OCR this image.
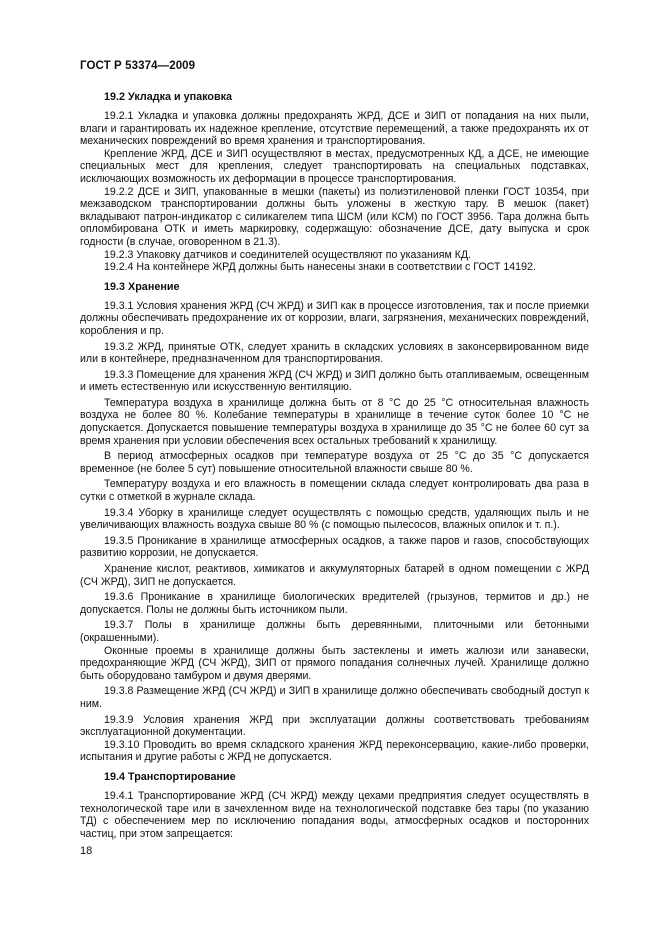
ГОСТ Р 53374—2009
19.2 Укладка и упаковка

19.2.1 Укладка и упаковка должны предохранять ЖРД, ДСЕ и ЗИП от попадания на них пыли, влаги и гарантировать их надежное крепление, отсутствие перемещений, а также предохранять их от механических повреждений во время хранения и транспортирования.

Крепление ЖРД, ДСЕ и ЗИП осуществляют в местах, предусмотренных КД, а ДСЕ, не имеющие специальных мест для крепления, следует транспортировать на специальных подставках, исключающих возможность их деформации в процессе транспортирования.

19.2.2 ДСЕ и ЗИП, упакованные в мешки (пакеты) из полиэтиленовой пленки ГОСТ 10354, при межзаводском транспортировании должны быть уложены в жесткую тару. В мешок (пакет) вкладывают патрон-индикатор с силикагелем типа ШСМ (или КСМ) по ГОСТ 3956. Тара должна быть опломбирована ОТК и иметь маркировку, содержащую: обозначение ДСЕ, дату выпуска и срок годности (в случае, оговоренном в 21.3).

19.2.3 Упаковку датчиков и соединителей осуществляют по указаниям КД.

19.2.4 На контейнере ЖРД должны быть нанесены знаки в соответствии с ГОСТ 14192.

19.3 Хранение

19.3.1 Условия хранения ЖРД (СЧ ЖРД) и ЗИП как в процессе изготовления, так и после приемки должны обеспечивать предохранение их от коррозии, влаги, загрязнения, механических повреждений, коробления и пр.

19.3.2 ЖРД, принятые ОТК, следует хранить в складских условиях в законсервированном виде или в контейнере, предназначенном для транспортирования.

19.3.3 Помещение для хранения ЖРД (СЧ ЖРД) и ЗИП должно быть отапливаемым, освещенным и иметь естественную или искусственную вентиляцию.

Температура воздуха в хранилище должна быть от 8 °С до 25 °С относительная влажность воздуха не более 80 %. Колебание температуры в хранилище в течение суток более 10 °С не допускается. Допускается повышение температуры воздуха в хранилище до 35 °С не более 60 сут за время хранения при условии обеспечения всех остальных требований к хранилищу.

В период атмосферных осадков при температуре воздуха от 25 °С до 35 °С допускается временное (не более 5 сут) повышение относительной влажности свыше 80 %.

Температуру воздуха и его влажность в помещении склада следует контролировать два раза в сутки с отметкой в журнале склада.

19.3.4 Уборку в хранилище следует осуществлять с помощью средств, удаляющих пыль и не увеличивающих влажность воздуха свыше 80 % (с помощью пылесосов, влажных опилок и т. п.).

19.3.5 Проникание в хранилище атмосферных осадков, а также паров и газов, способствующих развитию коррозии, не допускается.

Хранение кислот, реактивов, химикатов и аккумуляторных батарей в одном помещении с ЖРД (СЧ ЖРД), ЗИП не допускается.

19.3.6 Проникание в хранилище биологических вредителей (грызунов, термитов и др.) не допускается. Полы не должны быть источником пыли.

19.3.7 Полы в хранилище должны быть деревянными, плиточными или бетонными (окрашенными).

Оконные проемы в хранилище должны быть застеклены и иметь жалюзи или занавески, предохраняющие ЖРД (СЧ ЖРД), ЗИП от прямого попадания солнечных лучей. Хранилище должно быть оборудовано тамбуром и двумя дверями.

19.3.8 Размещение ЖРД (СЧ ЖРД) и ЗИП в хранилище должно обеспечивать свободный доступ к ним.

19.3.9 Условия хранения ЖРД при эксплуатации должны соответствовать требованиям эксплуатационной документации.

19.3.10 Проводить во время складского хранения ЖРД переконсервацию, какие-либо проверки, испытания и другие работы с ЖРД не допускается.

19.4 Транспортирование

19.4.1 Транспортирование ЖРД (СЧ ЖРД) между цехами предприятия следует осуществлять в технологической таре или в зачехленном виде на технологической подставке без тары (по указанию ТД) с обеспечением мер по исключению попадания воды, атмосферных осадков и посторонних частиц, при этом запрещается:

18
